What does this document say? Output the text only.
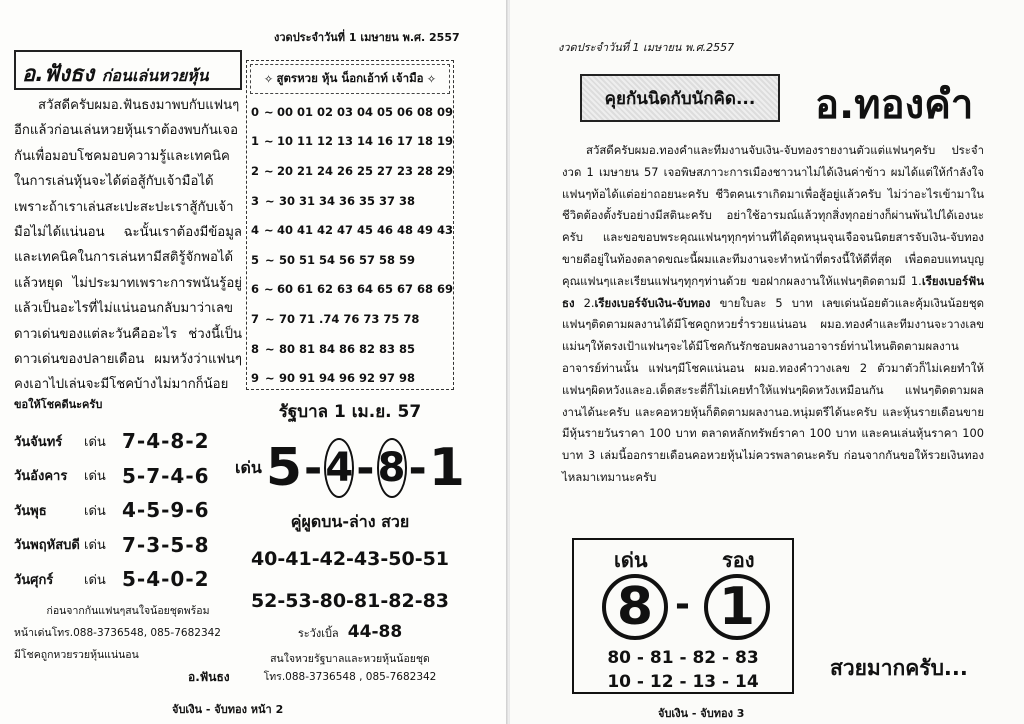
งวดประจำวันที่ 1 เมษายน พ.ศ. 2557
อ.ฟังธง ก่อนเล่นหวยหุ้น

สวัสดีครับผมอ.ฟันธงมาพบกับแฟนๆอีกแล้วก่อนเล่นหวยหุ้นเราต้องพบกันเจอกันเพื่อมอบโชคมอบความรู้และเทคนิคในการเล่นหุ้นจะได้ต่อสู้กับเจ้ามือได้เพราะถ้าเราเล่นสะเปะสะปะเราสู้กับเจ้ามือไม่ได้แน่นอน ฉะนั้นเราต้องมีข้อมูลและเทคนิคในการเล่นหามีสติรู้จักพอได้แล้วหยุด ไม่ประมาทเพราะการพนันรู้อยู่แล้วเป็นอะไรที่ไม่แน่นอนกลับมาว่าเลขดาวเด่นของแต่ละวันคืออะไร ช่วงนี้เป็นดาวเด่นของปลายเดือน ผมหวังว่าแฟนๆคงเอาไปเล่นจะมีโชคบ้างไม่มากก็น้อย

ขอให้โชคดีนะครับ
วันจันทร์	เด่น 7-4-8-2
วันอังคาร	เด่น 5-7-4-6
วันพุธ	เด่น 4-5-9-6
วันพฤหัสบดี เด่น 7-3-5-8
วันศุกร์	เด่น 5-4-0-2
ก่อนจากกันแฟนๆสนใจน้อยชุดพร้อม
หน้าเด่นโทร.088-3736548, 085-7682342
มีโชคถูกหวยรวยหุ้นแน่นอน
อ.ฟันธง
✧ สูตรหวย หุ้น น็อกเอ้าท์ เจ้ามือ ✧
0 ~ 00 01 02 03 04 05 06 08 09
1 ~ 10 11 12 13 14 16 17 18 19
2 ~ 20 21 24 26 25 27 23 28 29
3 ~ 30 31 34 36 35 37 38
4 ~ 40 41 42 47 45 46 48 49 43
5 ~ 50 51 54 56 57 58 59
6 ~ 60 61 62 63 64 65 67 68 69
7 ~ 70 71 .74 76 73 75 78
8 ~ 80 81 84 86 82 83 85
9 ~ 90 91 94 96 92 97 98
รัฐบาล 1 เม.ย. 57
เด่น 5 - 4 - 8 - 1
คู่ผูดบน-ล่าง สวย
40-41-42-43-50-51
52-53-80-81-82-83
ระวังเบิ้ล 44-88
สนใจหวยรัฐบาลและหวยหุ้นน้อยชุด
โทร.088-3736548 , 085-7682342
จับเงิน - จับทอง หน้า 2
งวดประจำวันที่ 1 เมษายน พ.ศ.2557
คุยกันนิดกับนักคิด... อ.ทองคำ

สวัสดีครับผมอ.ทองคำและทีมงานจับเงิน-จับทองรายงานตัวแต่แฟนๆครับ ประจำงวด 1 เมษายน 57 เจอพิษสภาวะการเมืองชาวนาไม่ได้เงินค่าข้าว ผมได้แต่ให้กำลังใจแฟนๆท้อได้แต่อย่าถอยนะครับ ชีวิตคนเราเกิดมาเพื่อสู้อยู่แล้วครับ ไม่ว่าอะไรเข้ามาในชีวิตต้องตั้งรับอย่างมีสตินะครับ อย่าใช้อารมณ์แล้วทุกสิ่งทุกอย่างก็ผ่านพ้นไปได้เองนะครับ และขอขอบพระคุณแฟนๆทุกๆท่านที่ได้อุดหนุนจุนเจือจนนิตยสารจับเงิน-จับทองขายดีอยู่ในท้องตลาดขณะนี้ผมและทีมงานจะทำหน้าที่ตรงนี้ให้ดีที่สุด เพื่อตอบแทนบุญคุณแฟนๆและเรียนแฟนๆทุกๆท่านด้วย ขอฝากผลงานให้แฟนๆติดตามมี 1.เรียงเบอร์ฟันธง 2.เรียงเบอร์จับเงิน-จับทอง ขายใบละ 5 บาท เลขเด่นน้อยตัวและคุ้มเงินน้อยชุดแฟนๆติดตามผลงานได้มีโชคถูกหวยร่ำรวยแน่นอน ผมอ.ทองคำและทีมงานจะวางเลขแม่นๆให้ตรงเป้าแฟนๆจะได้มีโชคกันรักชอบผลงานอาจารย์ท่านไหนติดตามผลงานอาจารย์ท่านนั้น แฟนๆมีโชคแน่นอน ผมอ.ทองคำวางเลข 2 ตัวมาตัวก็ไม่เคยทำให้แฟนๆผิดหวังและอ.เด็ดสะระตี่ก็ไม่เคยทำให้แฟนๆผิดหวังเหมือนกัน แฟนๆติดตามผลงานได้นะครับ และคอหวยหุ้นก็ติดตามผลงานอ.หนุ่มตรีได้นะครับ และหุ้นรายเดือนขายมีหุ้นรายวันราคา 100 บาท ตลาดหลักทรัพย์ราคา 100 บาท และคนเล่นหุ้นราคา 100 บาท 3 เล่มนี้ออกรายเดือนคอหวยหุ้นไม่ควรพลาดนะครับ ก่อนจากกันขอให้รวยเงินทองไหลมาเทมานะครับ

เด่น	รอง
8 - 1
80 - 81 - 82 - 83
10 - 12 - 13 - 14
สวยมากครับ...
จับเงิน - จับทอง 3
